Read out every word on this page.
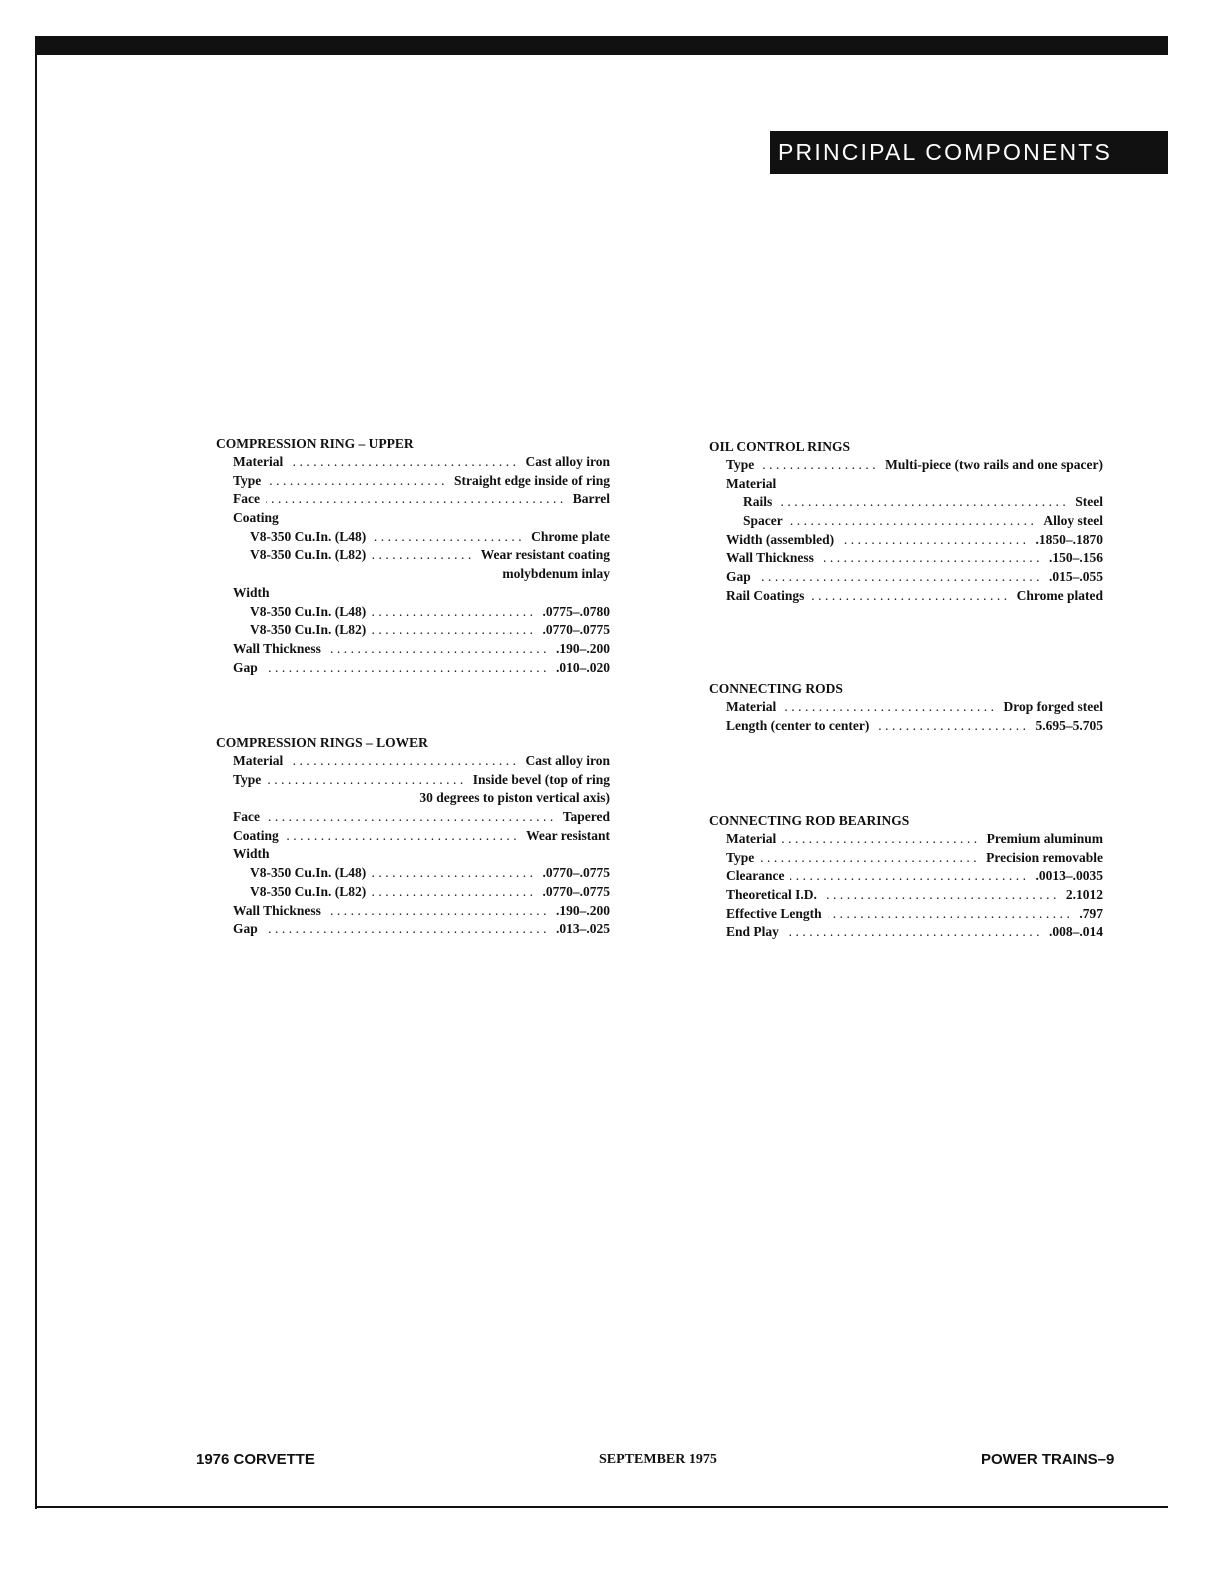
PRINCIPAL COMPONENTS
COMPRESSION RING – UPPER
Material .....	Cast alloy iron
Type .....	Straight edge inside of ring
Face .....	Barrel
Coating
V8-350 Cu.In. (L48) .....	Chrome plate
V8-350 Cu.In. (L82) .....	Wear resistant coating
molybdenum inlay
Width
V8-350 Cu.In. (L48) .....	.0775–.0780
V8-350 Cu.In. (L82) .....	.0770–.0775
Wall Thickness .....	.190–.200
Gap .....	.010–.020
COMPRESSION RINGS – LOWER
Material .....	Cast alloy iron
Type .....	Inside bevel (top of ring
30 degrees to piston vertical axis)
Face .....	Tapered
Coating .....	Wear resistant
Width
V8-350 Cu.In. (L48) .....	.0770–.0775
V8-350 Cu.In. (L82) .....	.0770–.0775
Wall Thickness .....	.190–.200
Gap .....	.013–.025
OIL CONTROL RINGS
Type .....	Multi-piece (two rails and one spacer)
Material
Rails .....	Steel
Spacer .....	Alloy steel
Width (assembled) .....	.1850–.1870
Wall Thickness .....	.150–.156
Gap .....	.015–.055
Rail Coatings .....	Chrome plated
CONNECTING RODS
Material .....	Drop forged steel
Length (center to center) .....	5.695–5.705
CONNECTING ROD BEARINGS
Material .....	Premium aluminum
Type .....	Precision removable
Clearance .....	.0013–.0035
Theoretical I.D. .....	2.1012
Effective Length .....	.797
End Play .....	.008–.014
1976 CORVETTE	SEPTEMBER 1975	POWER TRAINS–9
